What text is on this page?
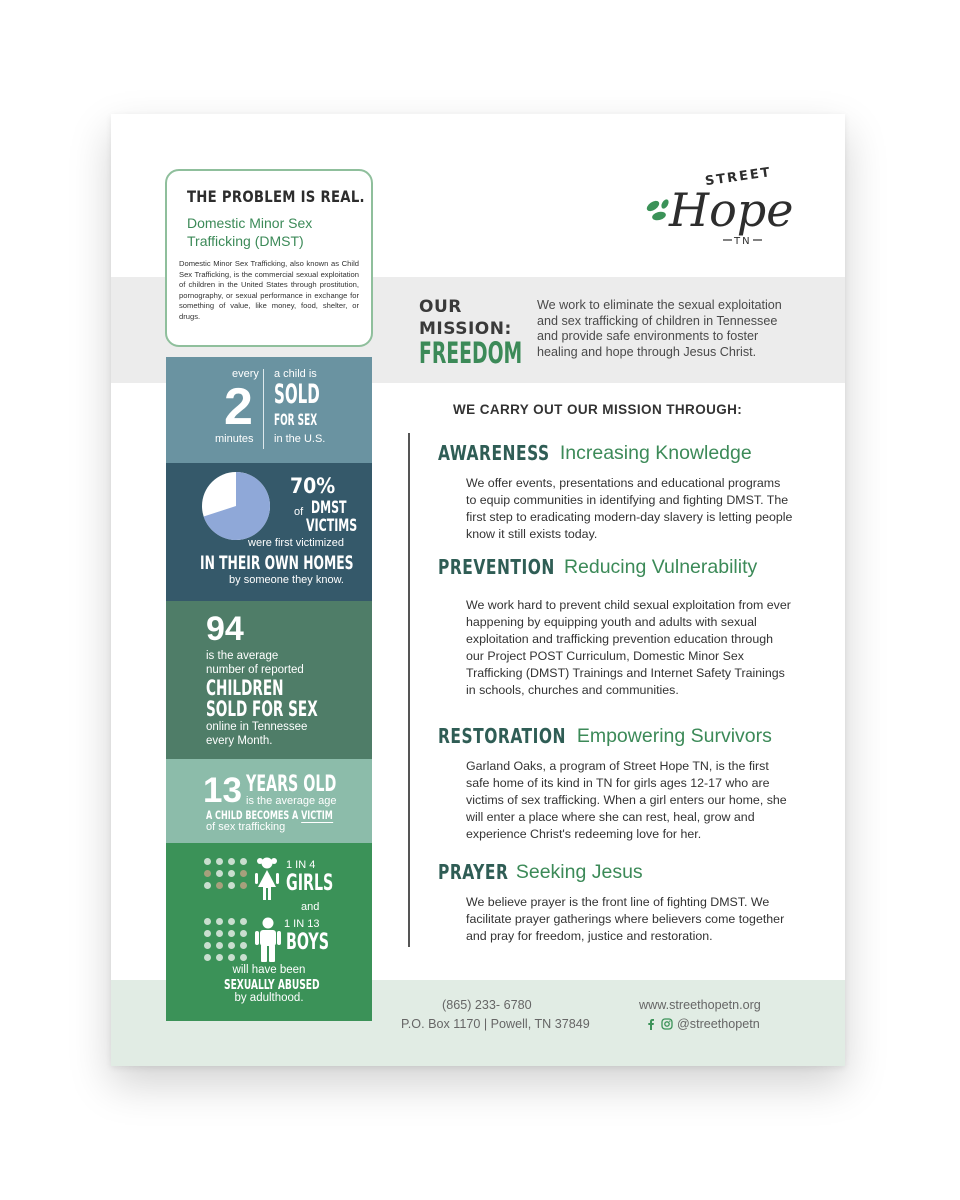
THE PROBLEM IS REAL.
Domestic Minor Sex Trafficking (DMST)

Domestic Minor Sex Trafficking, also known as Child Sex Trafficking, is the commercial sexual exploitation of children in the United States through prostitution, pornography, or sexual performance in exchange for something of value, like money, food, shelter, or drugs.

every
2
minutes
a child is
SOLD
FOR SEX
in the U.S.
70%
of DMST
VICTIMS
were first victimized
IN THEIR OWN HOMES
by someone they know.
94
is the average
number of reported
CHILDREN
SOLD FOR SEX
online in Tennessee
every Month.
13 YEARS OLD
is the average age
A CHILD BECOMES A VICTIM
of sex trafficking
1 IN 4
GIRLS
and
1 IN 13
BOYS
will have been
SEXUALLY ABUSED
by adulthood.
STREET
Hope
TN
OUR
MISSION:
FREEDOM

We work to eliminate the sexual exploitation and sex trafficking of children in Tennessee and provide safe environments to foster healing and hope through Jesus Christ.

WE CARRY OUT OUR MISSION THROUGH:
AWARENESS Increasing Knowledge

We offer events, presentations and educational programs to equip communities in identifying and fighting DMST. The first step to eradicating modern-day slavery is letting people know it still exists today.

PREVENTION Reducing Vulnerability

We work hard to prevent child sexual exploitation from ever happening by equipping youth and adults with sexual exploitation and trafficking prevention education through our Project POST Curriculum, Domestic Minor Sex Trafficking (DMST) Trainings and Internet Safety Trainings in schools, churches and communities.

RESTORATION Empowering Survivors

Garland Oaks, a program of Street Hope TN, is the first safe home of its kind in TN for girls ages 12-17 who are victims of sex trafficking. When a girl enters our home, she will enter a place where she can rest, heal, grow and experience Christ's redeeming love for her.

PRAYER Seeking Jesus

We believe prayer is the front line of fighting DMST. We facilitate prayer gatherings where believers come together and pray for freedom, justice and restoration.

(865) 233- 6780
P.O. Box 1170 | Powell, TN 37849
www.streethopetn.org
@streethopetn
